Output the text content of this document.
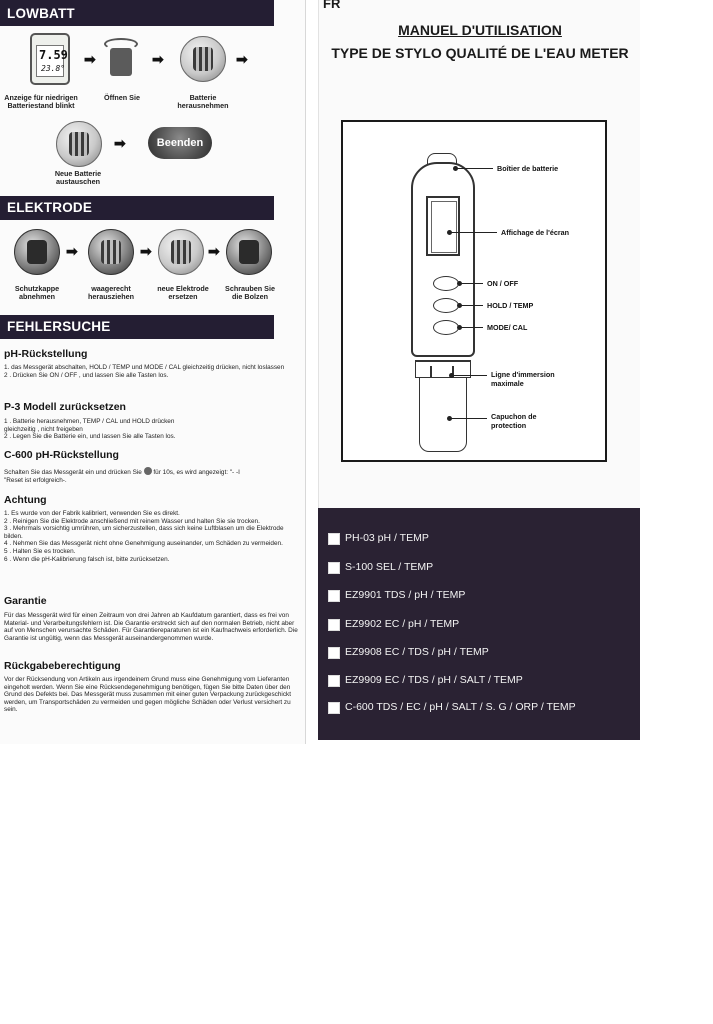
LOWBATT
7.59
23.8°
➡	➡	➡
Anzeige für niedrigen Batteriestand blinkt
Öffnen Sie	Batterie
herausnehmen
➡	Beenden
Neue Batterie
austauschen
ELEKTRODE
➡	➡	➡
Schutzkappe
abnehmen
waagerecht
herausziehen
neue Elektrode
ersetzen
Schrauben Sie
die Bolzen
FEHLERSUCHE
pH-Rückstellung
1. das Messgerät abschalten, HOLD / TEMP und MODE / CAL gleichzeitig drücken, nicht loslassen
2 . Drücken Sie ON / OFF , und lassen Sie alle Tasten los.
P-3 Modell zurücksetzen
1 . Batterie herausnehmen, TEMP / CAL und HOLD drücken
gleichzeitig , nicht freigeben
2 . Legen Sie die Batterie ein, und lassen Sie alle Tasten los.
C-600 pH-Rückstellung
Schalten Sie das Messgerät ein und drücken Sie für 10s, es wird angezeigt: "- -I
"Reset ist erfolgreich-.
Achtung
1. Es wurde von der Fabrik kalibriert, verwenden Sie es direkt.
2 . Reinigen Sie die Elektrode anschließend mit reinem Wasser und halten Sie sie trocken.
3 . Mehrmals vorsichtig umrühren, um sicherzustellen, dass sich keine Luftblasen um die Elektrode bilden.
4 . Nehmen Sie das Messgerät nicht ohne Genehmigung auseinander, um Schäden zu vermeiden.
5 . Halten Sie es trocken.
6 . Wenn die pH-Kalibrierung falsch ist, bitte zurücksetzen.
Garantie
Für das Messgerät wird für einen Zeitraum von drei Jahren ab Kaufdatum garantiert, dass es frei von Material- und Verarbeitungsfehlern ist. Die Garantie erstreckt sich auf den normalen Betrieb, nicht aber auf von Menschen verursachte Schäden. Für Garantiereparaturen ist ein Kaufnachweis erforderlich. Die Garantie ist ungültig, wenn das Messgerät auseinandergenommen wurde.
Rückgabeberechtigung
Vor der Rücksendung von Artikeln aus irgendeinem Grund muss eine Genehmigung vom Lieferanten eingeholt werden. Wenn Sie eine Rücksendegenehmigung benötigen, fügen Sie bitte Daten über den Grund des Defekts bei. Das Messgerät muss zusammen mit einer guten Verpackung zurückgeschickt werden, um Transportschäden zu vermeiden und gegen mögliche Schäden oder Verlust versichert zu sein.
FR
MANUEL D'UTILISATION
TYPE DE STYLO QUALITÉ DE L'EAU METER
Boîtier de batterie
Affichage de l'écran
ON / OFF
HOLD / TEMP
MODE/ CAL
Ligne d'immersion
maximale
Capuchon de
protection
PH-03 pH / TEMP
S-100 SEL / TEMP
EZ9901 TDS / pH / TEMP
EZ9902 EC / pH / TEMP
EZ9908 EC / TDS / pH / TEMP
EZ9909 EC / TDS / pH / SALT / TEMP
C-600 TDS / EC / pH / SALT / S. G / ORP / TEMP
